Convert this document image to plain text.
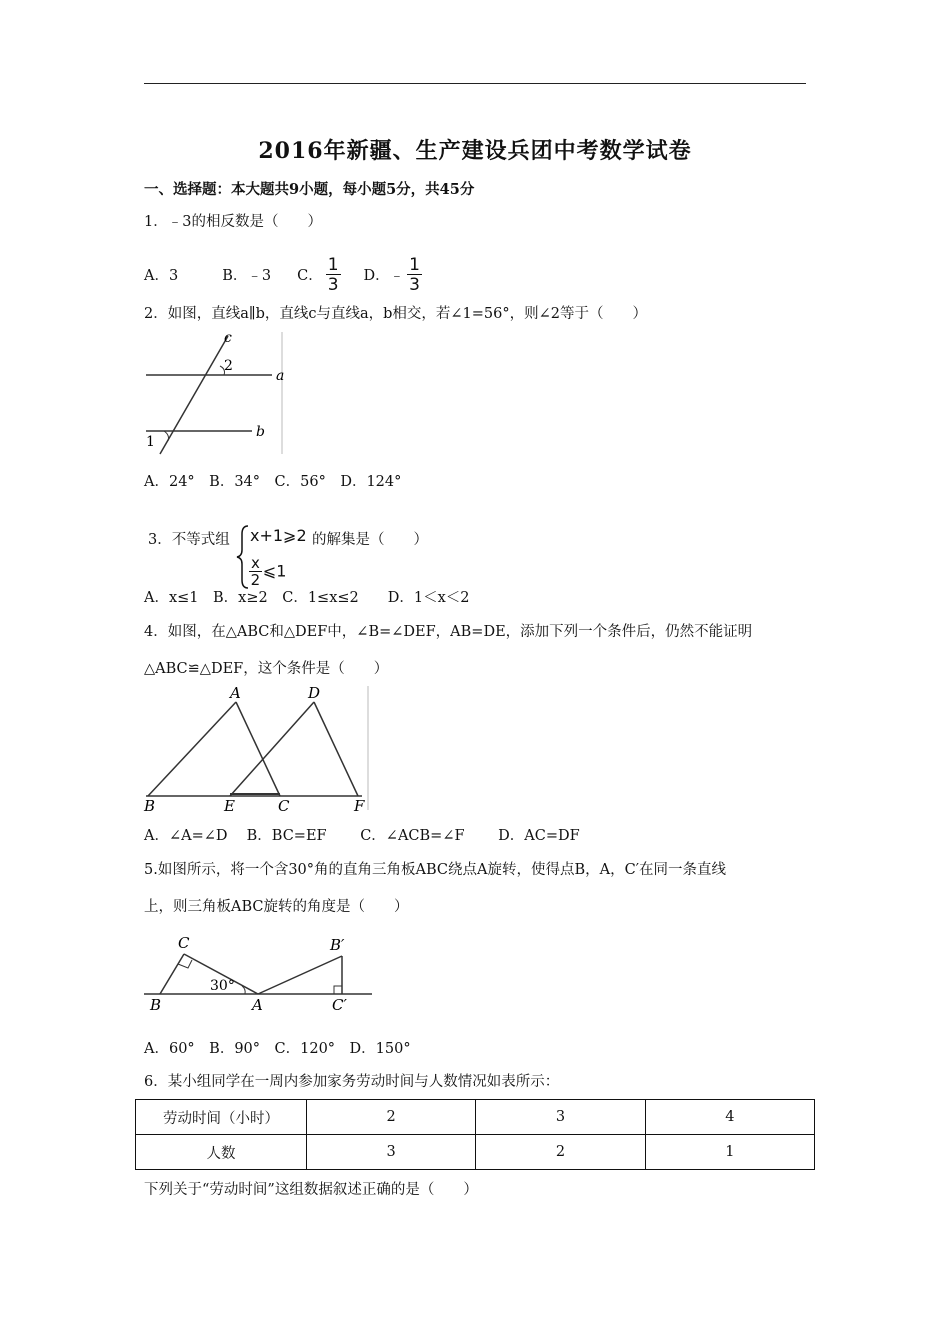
2016年新疆、生产建设兵团中考数学试卷
一、选择题：本大题共9小题，每小题5分，共45分
1．﹣3的相反数是（　　）
A．3	B．﹣3 C． $\frac{1}{3}$ D．﹣ $\frac{1}{3}$
2．如图，直线a∥b，直线c与直线a，b相交，若∠1=56°，则∠2等于（　　）
c
2
a
b
1
A．24°　B．34°　C．56°　D．124°
3．不等式组 x+1⩾2 的解集是（　　）
$\frac{x}{2}$ ⩽1
A．x≤1　B．x≥2　C．1≤x≤2　　D．1＜x＜2
4．如图，在△ABC和△DEF中，∠B=∠DEF，AB=DE，添加下列一个条件后，仍然不能证明
△ABC≌△DEF，这个条件是（　　）
A	D
B	E	C	F
A．∠A=∠D　 B．BC=EF　　 C．∠ACB=∠F　　 D．AC=DF
5.如图所示，将一个含30°角的直角三角板ABC绕点A旋转，使得点B，A，C′在同一条直线
上，则三角板ABC旋转的角度是（　　）
C
B	A
B′
C′
30°
A．60°　B．90°　C．120°　D．150°
6．某小组同学在一周内参加家务劳动时间与人数情况如表所示：
劳动时间（小时）	2	3	4
人数	3	2	1
下列关于“劳动时间”这组数据叙述正确的是（　　）
